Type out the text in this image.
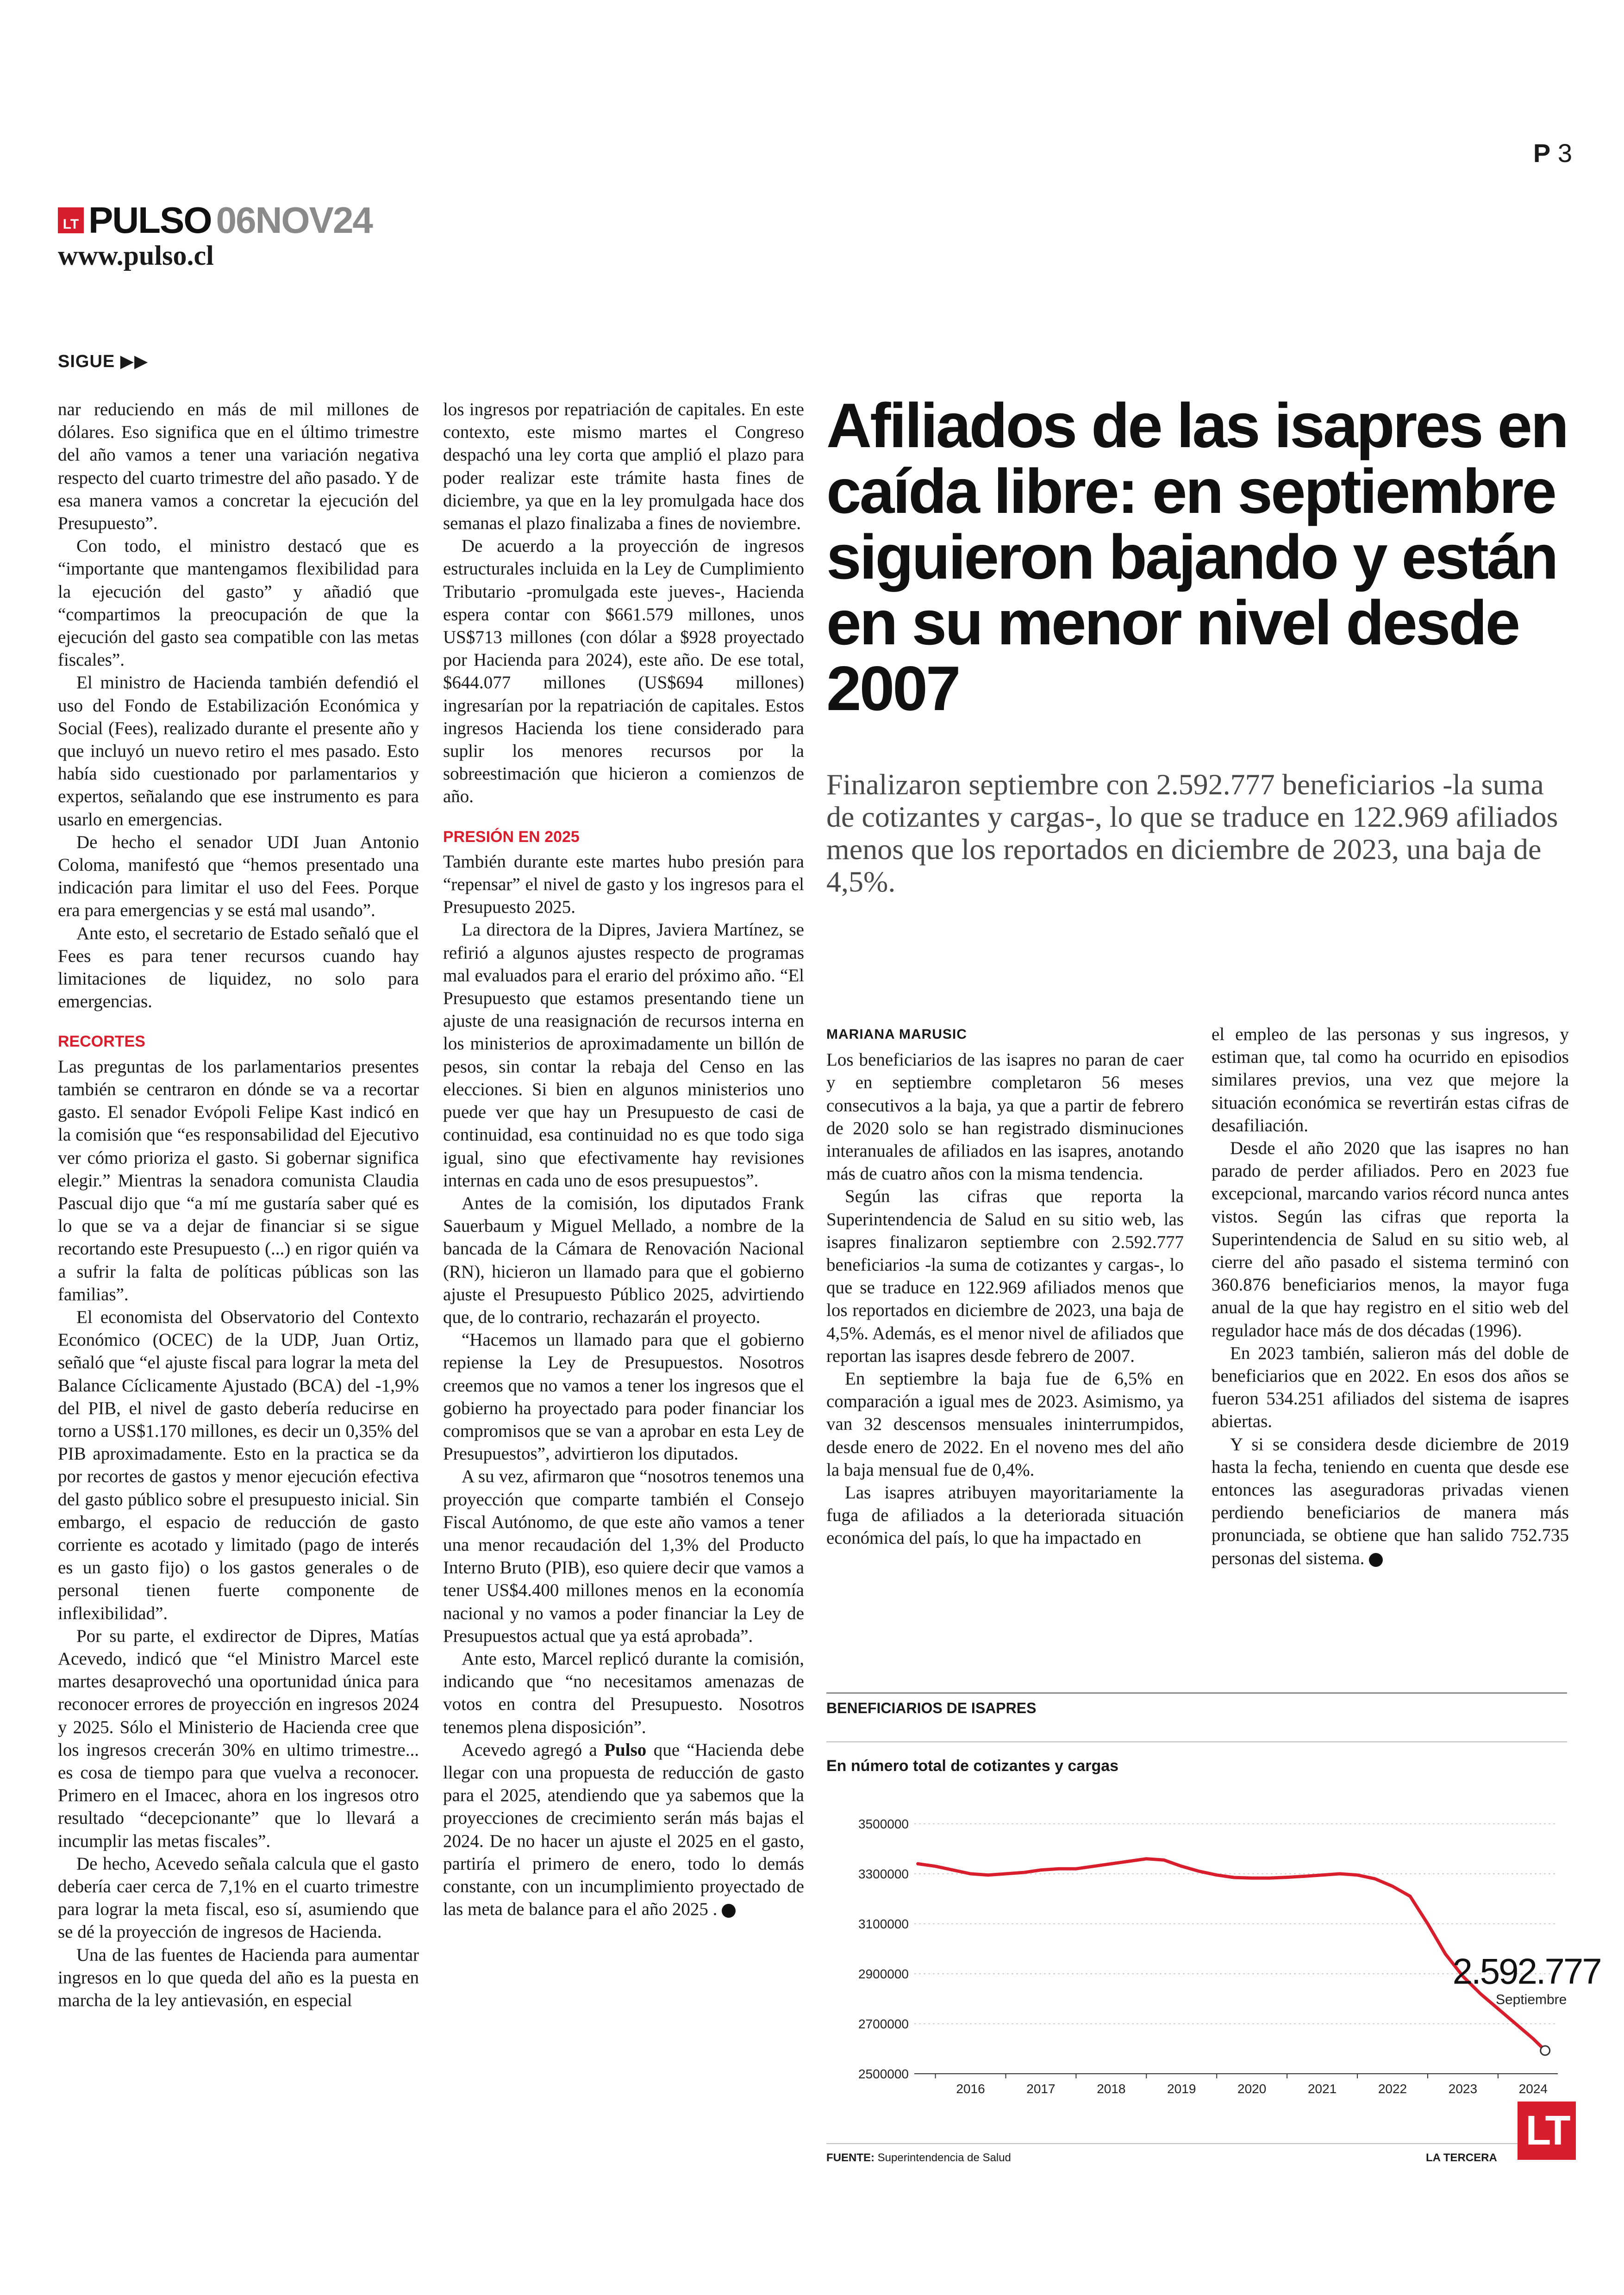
P 3
LT PULSO 06NOV24
www.pulso.cl
SIGUE ▶▶

nar reduciendo en más de mil millones de dólares. Eso significa que en el último trimestre del año vamos a tener una variación negativa respecto del cuarto trimestre del año pasado. Y de esa manera vamos a concretar la ejecución del Presupuesto”.

Con todo, el ministro destacó que es “importante que mantengamos flexibilidad para la ejecución del gasto” y añadió que “compartimos la preocupación de que la ejecución del gasto sea compatible con las metas fiscales”.

El ministro de Hacienda también defendió el uso del Fondo de Estabilización Económica y Social (Fees), realizado durante el presente año y que incluyó un nuevo retiro el mes pasado. Esto había sido cuestionado por parlamentarios y expertos, señalando que ese instrumento es para usarlo en emergencias.

De hecho el senador UDI Juan Antonio Coloma, manifestó que “hemos presentado una indicación para limitar el uso del Fees. Porque era para emergencias y se está mal usando”.

Ante esto, el secretario de Estado señaló que el Fees es para tener recursos cuando hay limitaciones de liquidez, no solo para emergencias.

RECORTES

Las preguntas de los parlamentarios presentes también se centraron en dónde se va a recortar gasto. El senador Evópoli Felipe Kast indicó en la comisión que “es responsabilidad del Ejecutivo ver cómo prioriza el gasto. Si gobernar significa elegir.” Mientras la senadora comunista Claudia Pascual dijo que “a mí me gustaría saber qué es lo que se va a dejar de financiar si se sigue recortando este Presupuesto (...) en rigor quién va a sufrir la falta de políticas públicas son las familias”.

El economista del Observatorio del Contexto Económico (OCEC) de la UDP, Juan Ortiz, señaló que “el ajuste fiscal para lograr la meta del Balance Cíclicamente Ajustado (BCA) del -1,9% del PIB, el nivel de gasto debería reducirse en torno a US$1.170 millones, es decir un 0,35% del PIB aproximadamente. Esto en la practica se da por recortes de gastos y menor ejecución efectiva del gasto público sobre el presupuesto inicial. Sin embargo, el espacio de reducción de gasto corriente es acotado y limitado (pago de interés es un gasto fijo) o los gastos generales o de personal tienen fuerte componente de inflexibilidad”.

Por su parte, el exdirector de Dipres, Matías Acevedo, indicó que “el Ministro Marcel este martes desaprovechó una oportunidad única para reconocer errores de proyección en ingresos 2024 y 2025. Sólo el Ministerio de Hacienda cree que los ingresos crecerán 30% en ultimo trimestre... es cosa de tiempo para que vuelva a reconocer. Primero en el Imacec, ahora en los ingresos otro resultado “decepcionante” que lo llevará a incumplir las metas fiscales”.

De hecho, Acevedo señala calcula que el gasto debería caer cerca de 7,1% en el cuarto trimestre para lograr la meta fiscal, eso sí, asumiendo que se dé la proyección de ingresos de Hacienda.

Una de las fuentes de Hacienda para aumentar ingresos en lo que queda del año es la puesta en marcha de la ley antievasión, en especial

los ingresos por repatriación de capitales. En este contexto, este mismo martes el Congreso despachó una ley corta que amplió el plazo para poder realizar este trámite hasta fines de diciembre, ya que en la ley promulgada hace dos semanas el plazo finalizaba a fines de noviembre.

De acuerdo a la proyección de ingresos estructurales incluida en la Ley de Cumplimiento Tributario -promulgada este jueves-, Hacienda espera contar con $661.579 millones, unos US$713 millones (con dólar a $928 proyectado por Hacienda para 2024), este año. De ese total, $644.077 millones (US$694 millones) ingresarían por la repatriación de capitales. Estos ingresos Hacienda los tiene considerado para suplir los menores recursos por la sobreestimación que hicieron a comienzos de año.

PRESIÓN EN 2025

También durante este martes hubo presión para “repensar” el nivel de gasto y los ingresos para el Presupuesto 2025.

La directora de la Dipres, Javiera Martínez, se refirió a algunos ajustes respecto de programas mal evaluados para el erario del próximo año. “El Presupuesto que estamos presentando tiene un ajuste de una reasignación de recursos interna en los ministerios de aproximadamente un billón de pesos, sin contar la rebaja del Censo en las elecciones. Si bien en algunos ministerios uno puede ver que hay un Presupuesto de casi de continuidad, esa continuidad no es que todo siga igual, sino que efectivamente hay revisiones internas en cada uno de esos presupuestos”.

Antes de la comisión, los diputados Frank Sauerbaum y Miguel Mellado, a nombre de la bancada de la Cámara de Renovación Nacional (RN), hicieron un llamado para que el gobierno ajuste el Presupuesto Público 2025, advirtiendo que, de lo contrario, rechazarán el proyecto.

“Hacemos un llamado para que el gobierno repiense la Ley de Presupuestos. Nosotros creemos que no vamos a tener los ingresos que el gobierno ha proyectado para poder financiar los compromisos que se van a aprobar en esta Ley de Presupuestos”, advirtieron los diputados.

A su vez, afirmaron que “nosotros tenemos una proyección que comparte también el Consejo Fiscal Autónomo, de que este año vamos a tener una menor recaudación del 1,3% del Producto Interno Bruto (PIB), eso quiere decir que vamos a tener US$4.400 millones menos en la economía nacional y no vamos a poder financiar la Ley de Presupuestos actual que ya está aprobada”.

Ante esto, Marcel replicó durante la comisión, indicando que “no necesitamos amenazas de votos en contra del Presupuesto. Nosotros tenemos plena disposición”.

Acevedo agregó a Pulso que “Hacienda debe llegar con una propuesta de reducción de gasto para el 2025, atendiendo que ya sabemos que la proyecciones de crecimiento serán más bajas el 2024. De no hacer un ajuste el 2025 en el gasto, partiría el primero de enero, todo lo demás constante, con un incumplimiento proyectado de las meta de balance para el año 2025 .

Afiliados de las isapres en caída libre: en septiembre siguieron bajando y están en su menor nivel desde 2007
Finalizaron septiembre con 2.592.777 beneficiarios -la suma de cotizantes y cargas-, lo que se traduce en 122.969 afiliados menos que los reportados en diciembre de 2023, una baja de 4,5%.

MARIANA MARUSIC

Los beneficiarios de las isapres no paran de caer y en septiembre completaron 56 meses consecutivos a la baja, ya que a partir de febrero de 2020 solo se han registrado disminuciones interanuales de afiliados en las isapres, anotando más de cuatro años con la misma tendencia.

Según las cifras que reporta la Superintendencia de Salud en su sitio web, las isapres finalizaron septiembre con 2.592.777 beneficiarios -la suma de cotizantes y cargas-, lo que se traduce en 122.969 afiliados menos que los reportados en diciembre de 2023, una baja de 4,5%. Además, es el menor nivel de afiliados que reportan las isapres desde febrero de 2007.

En septiembre la baja fue de 6,5% en comparación a igual mes de 2023. Asimismo, ya van 32 descensos mensuales ininterrumpidos, desde enero de 2022. En el noveno mes del año la baja mensual fue de 0,4%.

Las isapres atribuyen mayoritariamente la fuga de afiliados a la deteriorada situación económica del país, lo que ha impactado en

el empleo de las personas y sus ingresos, y estiman que, tal como ha ocurrido en episodios similares previos, una vez que mejore la situación económica se revertirán estas cifras de desafiliación.

Desde el año 2020 que las isapres no han parado de perder afiliados. Pero en 2023 fue excepcional, marcando varios récord nunca antes vistos. Según las cifras que reporta la Superintendencia de Salud en su sitio web, al cierre del año pasado el sistema terminó con 360.876 beneficiarios menos, la mayor fuga anual de la que hay registro en el sitio web del regulador hace más de dos décadas (1996).

En 2023 también, salieron más del doble de beneficiarios que en 2022. En esos dos años se fueron 534.251 afiliados del sistema de isapres abiertas.

Y si se considera desde diciembre de 2019 hasta la fecha, teniendo en cuenta que desde ese entonces las aseguradoras privadas vienen perdiendo beneficiarios de manera más pronunciada, se obtiene que han salido 752.735 personas del sistema.

BENEFICIARIOS DE ISAPRES
En número total de cotizantes y cargas
3500000
3300000
3100000
2900000
2700000
2500000
2016	2017	2018	2019	2020	2021	2022	2023	2024
2.592.777
Septiembre
FUENTE: Superintendencia de Salud	LA TERCERA
LT
